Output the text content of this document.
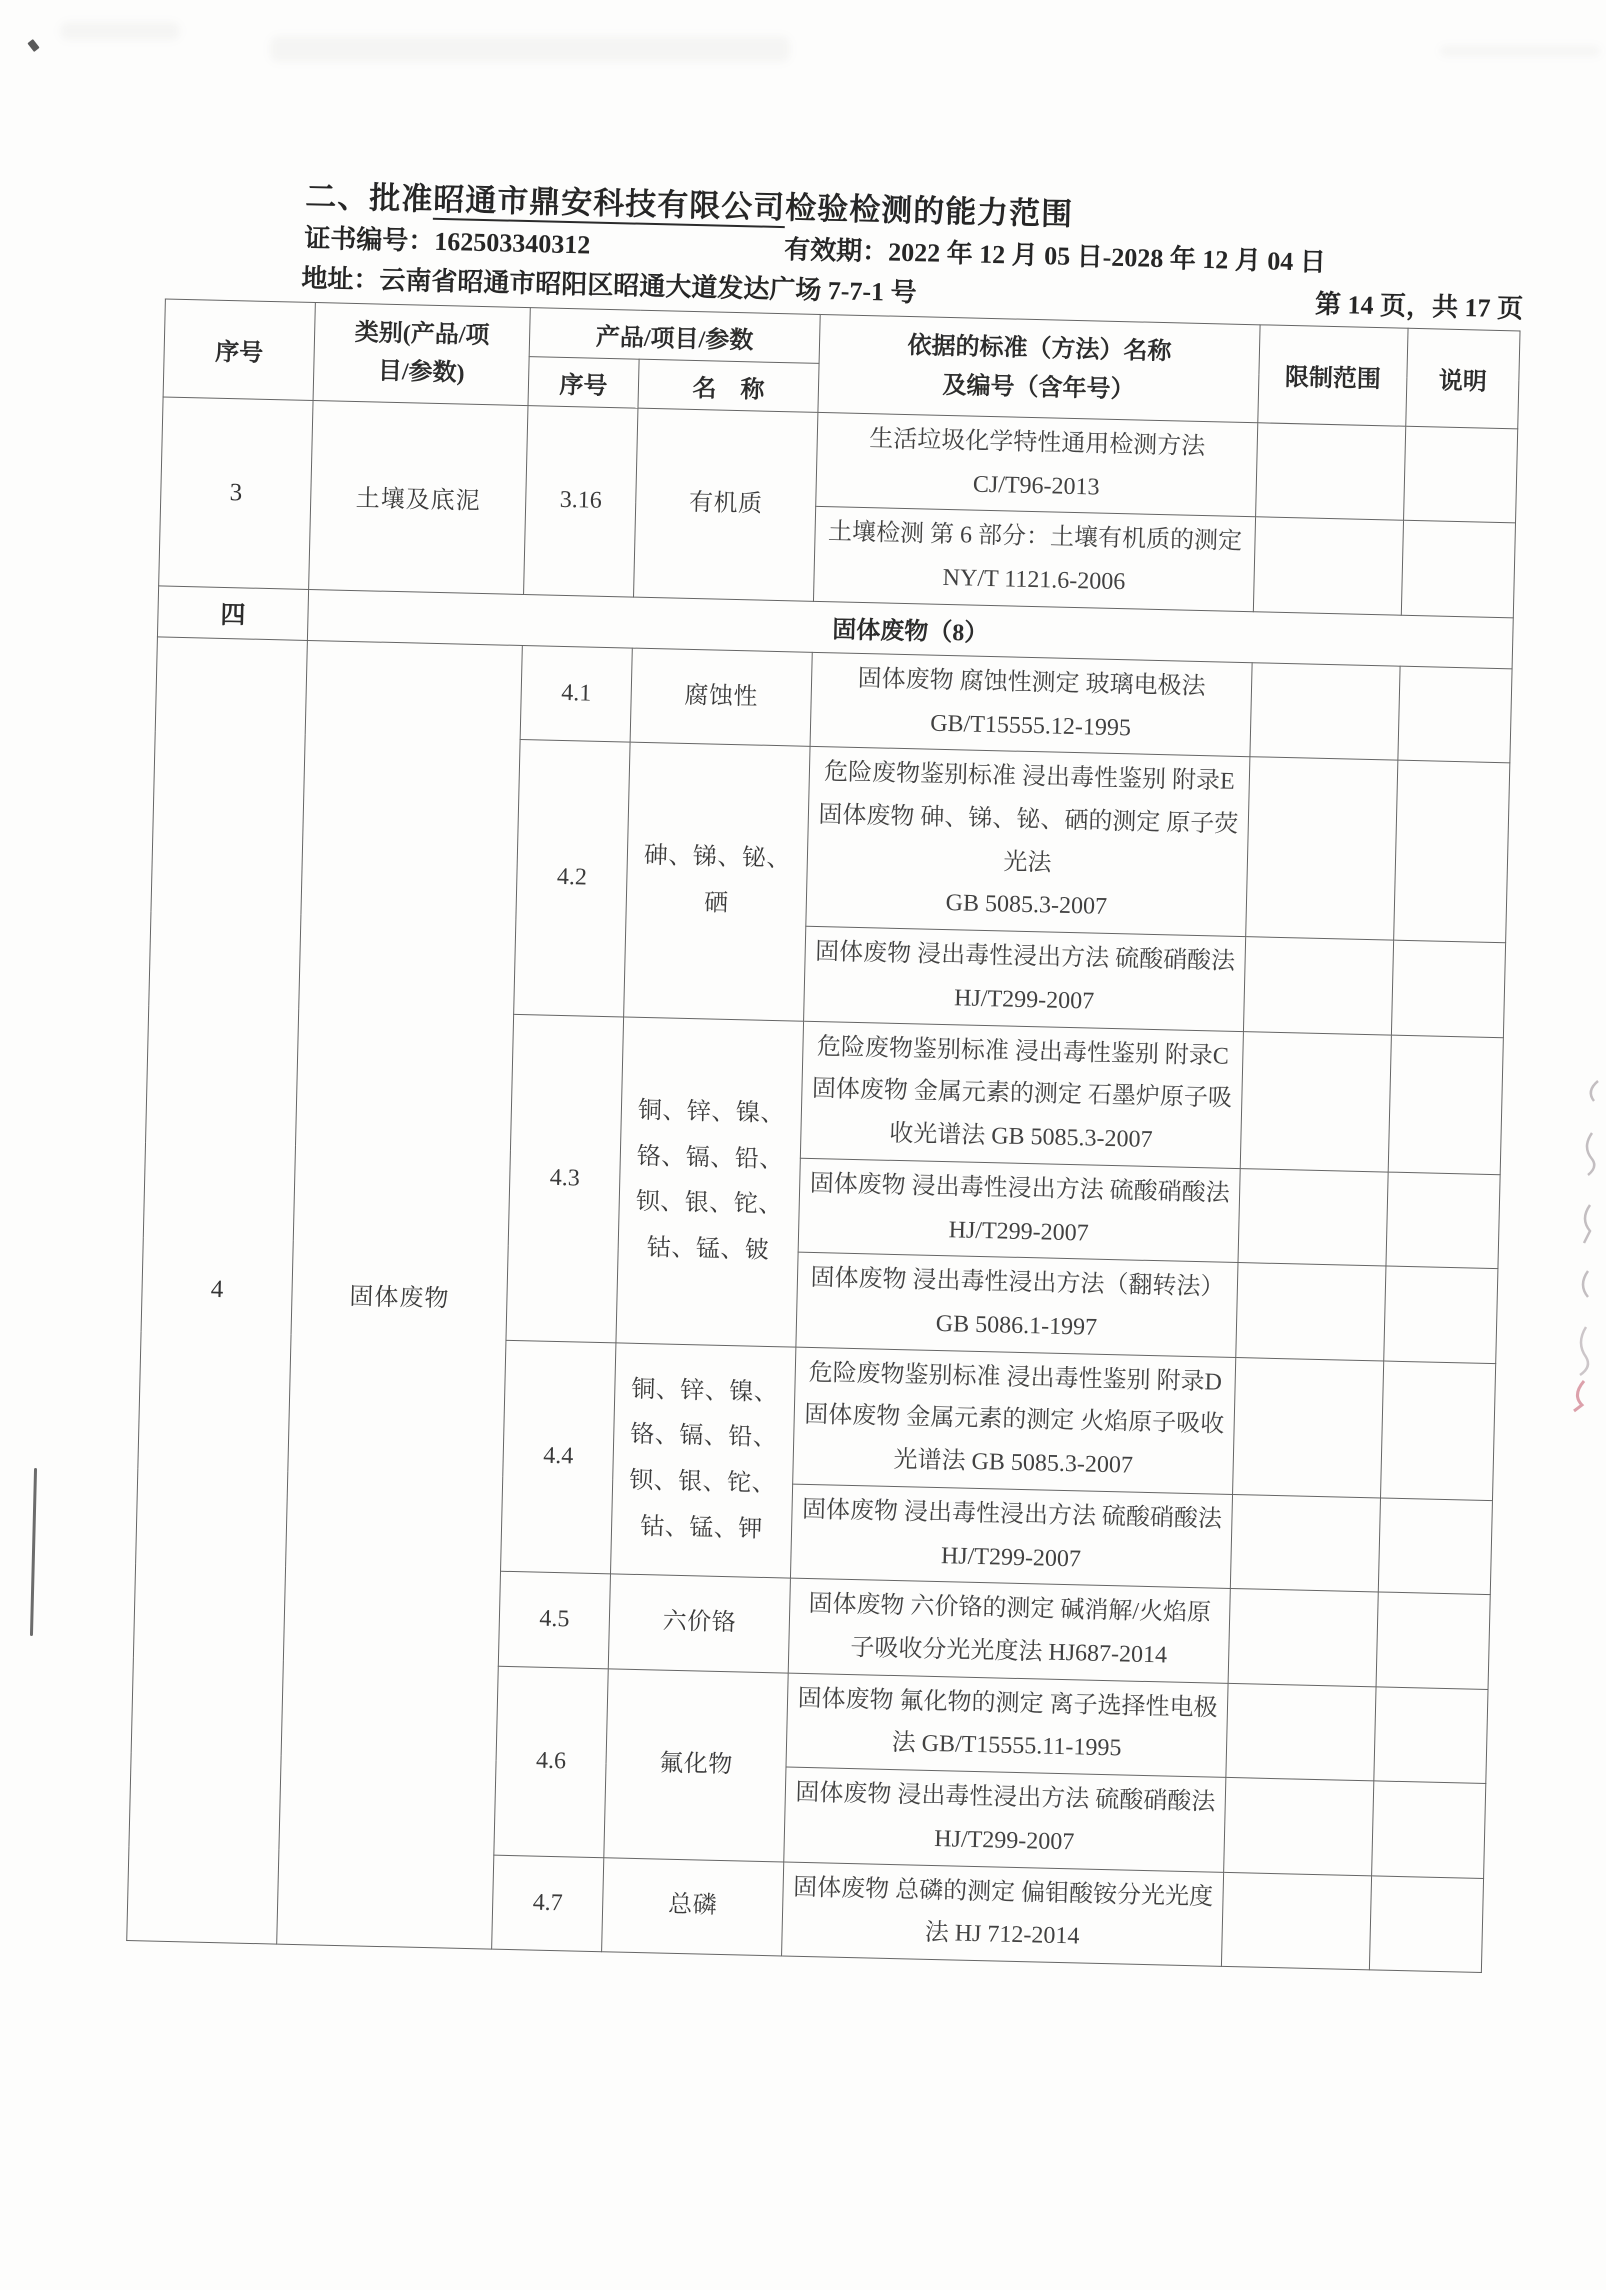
二、批准昭通市鼎安科技有限公司检验检测的能力范围
证书编号：162503340312	有效期：2022 年 12 月 05 日-2028 年 12 月 04 日
地址：云南省昭通市昭阳区昭通大道发达广场 7-7-1 号	第 14 页，共 17 页
序号	类别(产品/项目/参数)	产品/项目/参数		依据的标准（方法）名称
及编号（含年号）	限制范围	说明
		序号	名　称			
3	土壤及底泥	3.16	有机质	生活垃圾化学特性通用检测方法
CJ/T96-2013		

				土壤检测 第 6 部分：土壤有机质的测定
NY/T 1121.6-2006		

四	固体废物（8）					
4	固体废物	4.1	腐蚀性	固体废物 腐蚀性测定 玻璃电极法
GB/T15555.12-1995		

		4.2	砷、锑、铋、硒	危险废物鉴别标准 浸出毒性鉴别 附录E 固体废物 砷、锑、铋、硒的测定 原子荧光法
GB 5085.3-2007		

				固体废物 浸出毒性浸出方法 硫酸硝酸法 HJ/T299-2007		

		4.3	铜、锌、镍、铬、镉、铅、钡、银、铊、钴、锰、铍	危险废物鉴别标准 浸出毒性鉴别 附录C 固体废物 金属元素的测定 石墨炉原子吸收光谱法 GB 5085.3-2007		

				固体废物 浸出毒性浸出方法 硫酸硝酸法 HJ/T299-2007		

				固体废物 浸出毒性浸出方法（翻转法）
GB 5086.1-1997		

		4.4	铜、锌、镍、铬、镉、铅、钡、银、铊、钴、锰、钾	危险废物鉴别标准 浸出毒性鉴别 附录D 固体废物 金属元素的测定 火焰原子吸收光谱法 GB 5085.3-2007		

				固体废物 浸出毒性浸出方法 硫酸硝酸法 HJ/T299-2007		

		4.5	六价铬	固体废物 六价铬的测定 碱消解/火焰原子吸收分光光度法 HJ687-2014		

		4.6	氟化物	固体废物 氟化物的测定 离子选择性电极法 GB/T15555.11-1995		

				固体废物 浸出毒性浸出方法 硫酸硝酸法 HJ/T299-2007		

		4.7	总磷	固体废物 总磷的测定 偏钼酸铵分光光度法 HJ 712-2014		
